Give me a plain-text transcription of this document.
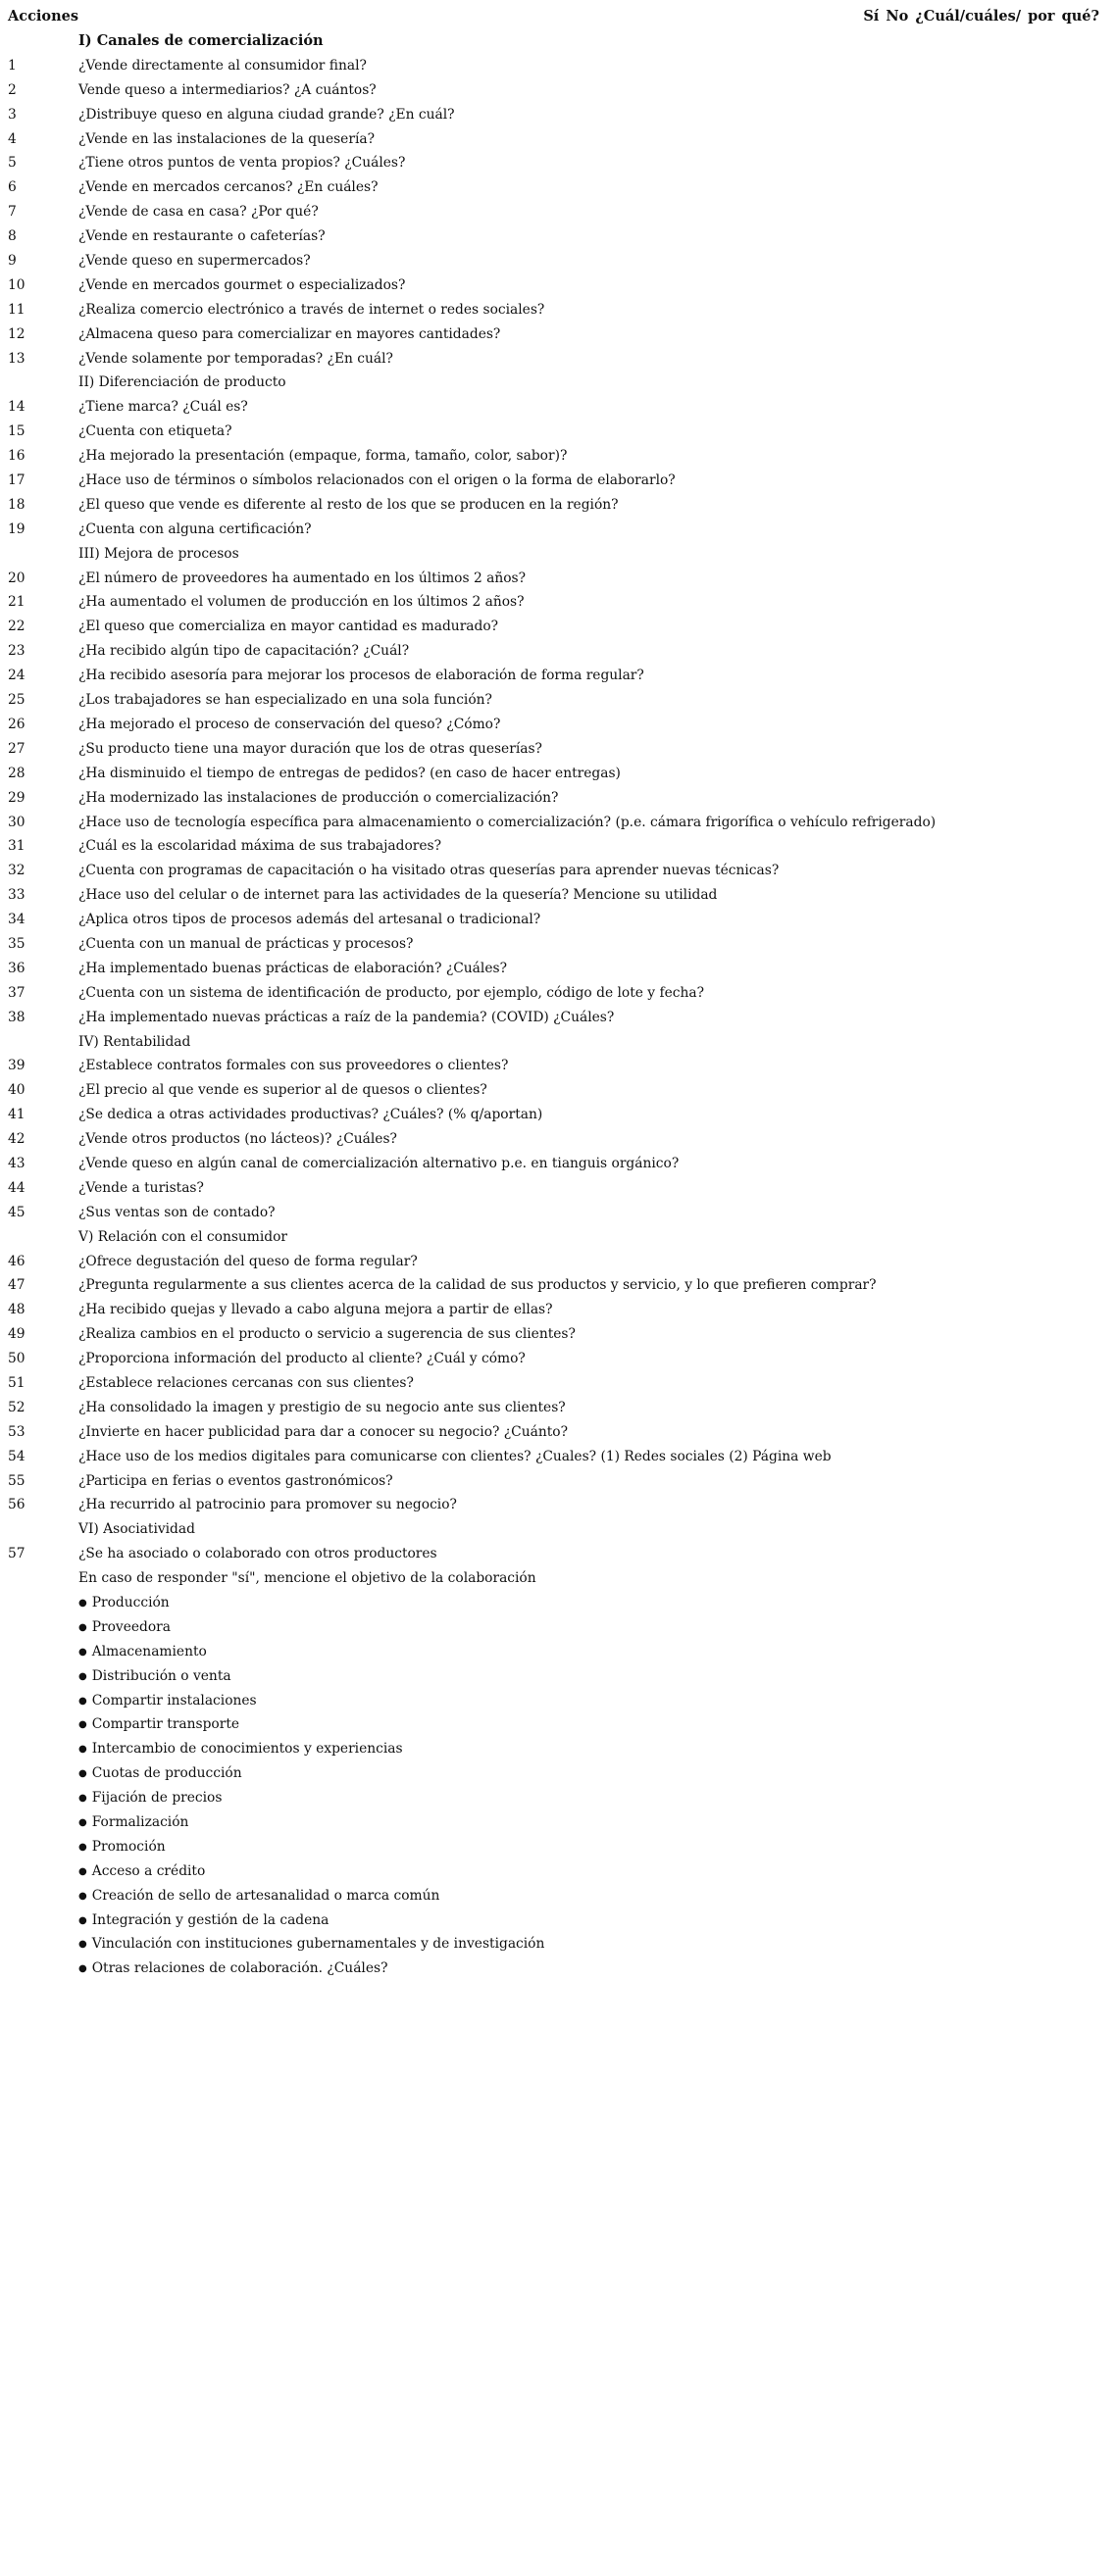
Acciones	Sí No ¿Cuál/cuáles/ por qué?
I) Canales de comercialización
1	¿Vende directamente al consumidor final?
2	Vende queso a intermediarios? ¿A cuántos?
3	¿Distribuye queso en alguna ciudad grande? ¿En cuál?
4	¿Vende en las instalaciones de la quesería?
5	¿Tiene otros puntos de venta propios? ¿Cuáles?
6	¿Vende en mercados cercanos? ¿En cuáles?
7	¿Vende de casa en casa? ¿Por qué?
8	¿Vende en restaurante o cafeterías?
9	¿Vende queso en supermercados?
10	¿Vende en mercados gourmet o especializados?
11	¿Realiza comercio electrónico a través de internet o redes sociales?
12	¿Almacena queso para comercializar en mayores cantidades?
13	¿Vende solamente por temporadas? ¿En cuál?
II) Diferenciación de producto
14	¿Tiene marca? ¿Cuál es?
15	¿Cuenta con etiqueta?
16	¿Ha mejorado la presentación (empaque, forma, tamaño, color, sabor)?
17	¿Hace uso de términos o símbolos relacionados con el origen o la forma de elaborarlo?
18	¿El queso que vende es diferente al resto de los que se producen en la región?
19	¿Cuenta con alguna certificación?
III) Mejora de procesos
20	¿El número de proveedores ha aumentado en los últimos 2 años?
21	¿Ha aumentado el volumen de producción en los últimos 2 años?
22	¿El queso que comercializa en mayor cantidad es madurado?
23	¿Ha recibido algún tipo de capacitación? ¿Cuál?
24	¿Ha recibido asesoría para mejorar los procesos de elaboración de forma regular?
25	¿Los trabajadores se han especializado en una sola función?
26	¿Ha mejorado el proceso de conservación del queso? ¿Cómo?
27	¿Su producto tiene una mayor duración que los de otras queserías?
28	¿Ha disminuido el tiempo de entregas de pedidos? (en caso de hacer entregas)
29	¿Ha modernizado las instalaciones de producción o comercialización?
30	¿Hace uso de tecnología específica para almacenamiento o comercialización? (p.e. cámara frigorífica o vehículo refrigerado)
31	¿Cuál es la escolaridad máxima de sus trabajadores?
32	¿Cuenta con programas de capacitación o ha visitado otras queserías para aprender nuevas técnicas?
33	¿Hace uso del celular o de internet para las actividades de la quesería? Mencione su utilidad
34	¿Aplica otros tipos de procesos además del artesanal o tradicional?
35	¿Cuenta con un manual de prácticas y procesos?
36	¿Ha implementado buenas prácticas de elaboración? ¿Cuáles?
37	¿Cuenta con un sistema de identificación de producto, por ejemplo, código de lote y fecha?
38	¿Ha implementado nuevas prácticas a raíz de la pandemia? (COVID) ¿Cuáles?
IV) Rentabilidad
39	¿Establece contratos formales con sus proveedores o clientes?
40	¿El precio al que vende es superior al de quesos o clientes?
41	¿Se dedica a otras actividades productivas? ¿Cuáles? (% q/aportan)
42	¿Vende otros productos (no lácteos)? ¿Cuáles?
43	¿Vende queso en algún canal de comercialización alternativo p.e. en tianguis orgánico?
44	¿Vende a turistas?
45	¿Sus ventas son de contado?
V) Relación con el consumidor
46	¿Ofrece degustación del queso de forma regular?
47	¿Pregunta regularmente a sus clientes acerca de la calidad de sus productos y servicio, y lo que prefieren comprar?
48	¿Ha recibido quejas y llevado a cabo alguna mejora a partir de ellas?
49	¿Realiza cambios en el producto o servicio a sugerencia de sus clientes?
50	¿Proporciona información del producto al cliente? ¿Cuál y cómo?
51	¿Establece relaciones cercanas con sus clientes?
52	¿Ha consolidado la imagen y prestigio de su negocio ante sus clientes?
53	¿Invierte en hacer publicidad para dar a conocer su negocio? ¿Cuánto?
54	¿Hace uso de los medios digitales para comunicarse con clientes? ¿Cuales? (1) Redes sociales (2) Página web
55	¿Participa en ferias o eventos gastronómicos?
56	¿Ha recurrido al patrocinio para promover su negocio?
VI) Asociatividad
57	¿Se ha asociado o colaborado con otros productores
En caso de responder "sí", mencione el objetivo de la colaboración
● Producción
● Proveedora
● Almacenamiento
● Distribución o venta
● Compartir instalaciones
● Compartir transporte
● Intercambio de conocimientos y experiencias
● Cuotas de producción
● Fijación de precios
● Formalización
● Promoción
● Acceso a crédito
● Creación de sello de artesanalidad o marca común
● Integración y gestión de la cadena
● Vinculación con instituciones gubernamentales y de investigación
● Otras relaciones de colaboración. ¿Cuáles?
